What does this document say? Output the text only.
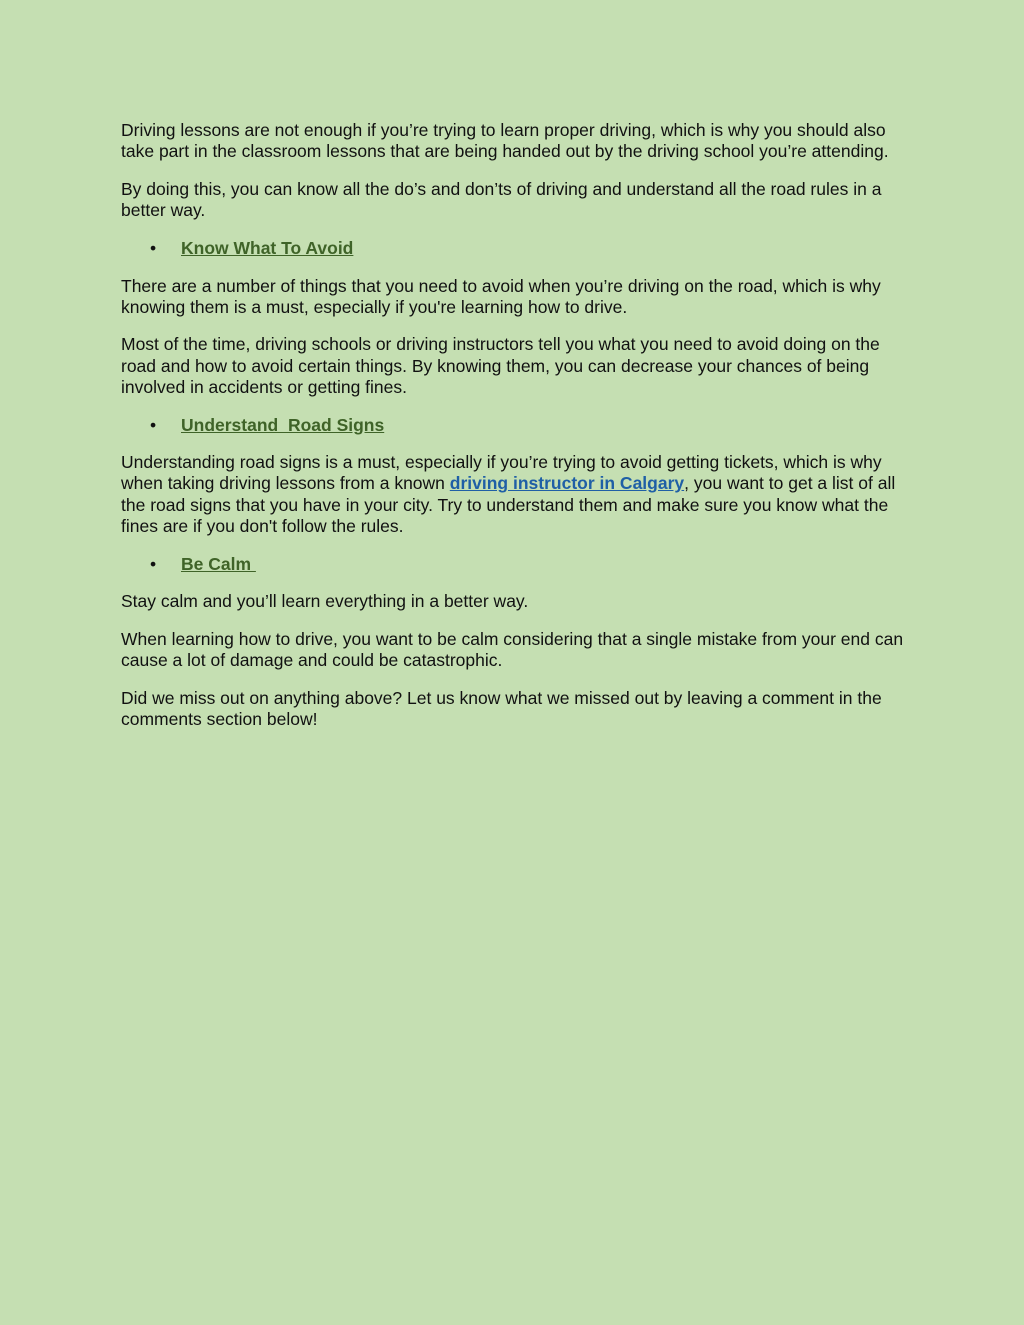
Driving lessons are not enough if you’re trying to learn proper driving, which is why you should also take part in the classroom lessons that are being handed out by the driving school you’re attending.

By doing this, you can know all the do’s and don’ts of driving and understand all the road rules in a better way.

• Know What To Avoid

There are a number of things that you need to avoid when you’re driving on the road, which is why knowing them is a must, especially if you're learning how to drive.

Most of the time, driving schools or driving instructors tell you what you need to avoid doing on the road and how to avoid certain things. By knowing them, you can decrease your chances of being involved in accidents or getting fines.

• Understand  Road Signs

Understanding road signs is a must, especially if you’re trying to avoid getting tickets, which is why when taking driving lessons from a known driving instructor in Calgary, you want to get a list of all the road signs that you have in your city. Try to understand them and make sure you know what the fines are if you don't follow the rules.

• Be Calm

Stay calm and you’ll learn everything in a better way.

When learning how to drive, you want to be calm considering that a single mistake from your end can cause a lot of damage and could be catastrophic.

Did we miss out on anything above? Let us know what we missed out by leaving a comment in the comments section below!
